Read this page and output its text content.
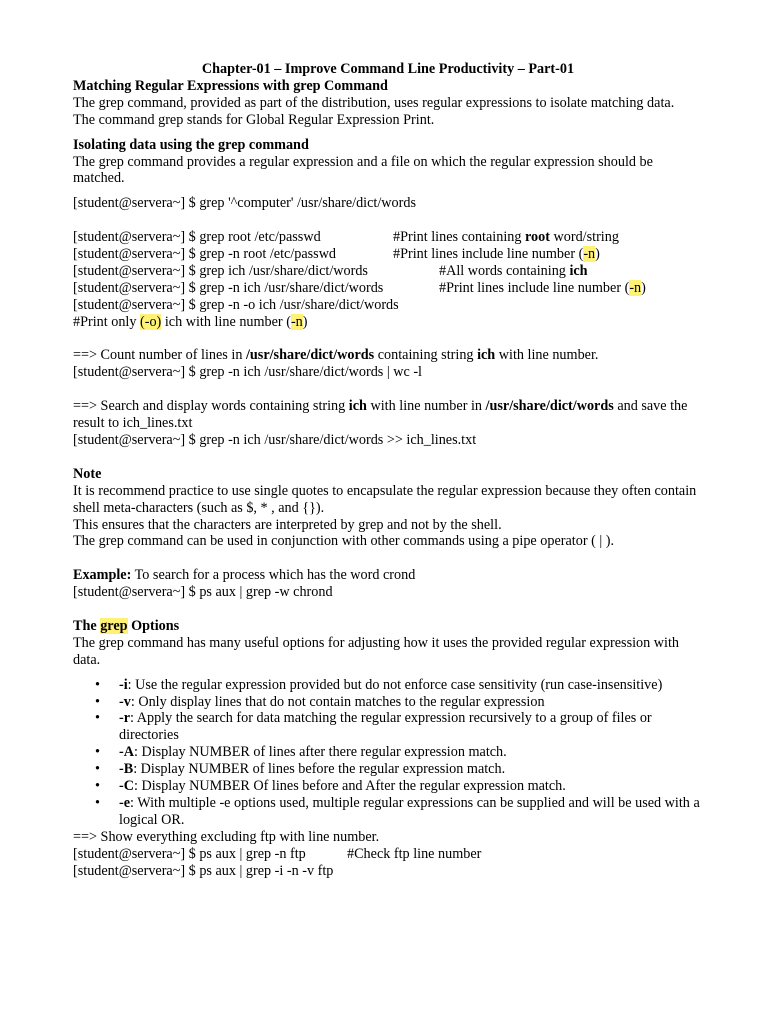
Chapter-01 – Improve Command Line Productivity – Part-01

Matching Regular Expressions with grep Command

The grep command, provided as part of the distribution, uses regular expressions to isolate matching data.

The command grep stands for Global Regular Expression Print.

Isolating data using the grep command

The grep command provides a regular expression and a file on which the regular expression should be matched.

[student@servera~] $ grep '^computer' /usr/share/dict/words

[student@servera~] $ grep root /etc/passwd	#Print lines containing root word/string

[student@servera~] $ grep -n root /etc/passwd	#Print lines include line number (-n)

[student@servera~] $ grep ich /usr/share/dict/words	#All words containing ich

[student@servera~] $ grep -n ich /usr/share/dict/words	#Print lines include line number (-n)

[student@servera~] $ grep -n -o ich /usr/share/dict/words

#Print only (-o) ich with line number (-n)

==> Count number of lines in /usr/share/dict/words containing string ich with line number.

[student@servera~] $ grep -n ich /usr/share/dict/words | wc -l

==> Search and display words containing string ich with line number in /usr/share/dict/words and save the result to ich_lines.txt

[student@servera~] $ grep -n ich /usr/share/dict/words >> ich_lines.txt

Note

It is recommend practice to use single quotes to encapsulate the regular expression because they often contain shell meta-characters (such as $, * , and {}).

This ensures that the characters are interpreted by grep and not by the shell.

The grep command can be used in conjunction with other commands using a pipe operator ( | ).

Example: To search for a process which has the word crond

[student@servera~] $ ps aux | grep -w chrond

The grep Options

The grep command has many useful options for adjusting how it uses the provided regular expression with data.

• -i: Use the regular expression provided but do not enforce case sensitivity (run case-insensitive)
• -v: Only display lines that do not contain matches to the regular expression
• -r: Apply the search for data matching the regular expression recursively to a group of files or directories
• -A: Display NUMBER of lines after there regular expression match.
• -B: Display NUMBER of lines before the regular expression match.
• -C: Display NUMBER Of lines before and After the regular expression match.
• -e: With multiple -e options used, multiple regular expressions can be supplied and will be used with a logical OR.

==> Show everything excluding ftp with line number.

[student@servera~] $ ps aux | grep -n ftp	#Check ftp line number

[student@servera~] $ ps aux | grep -i -n -v ftp
